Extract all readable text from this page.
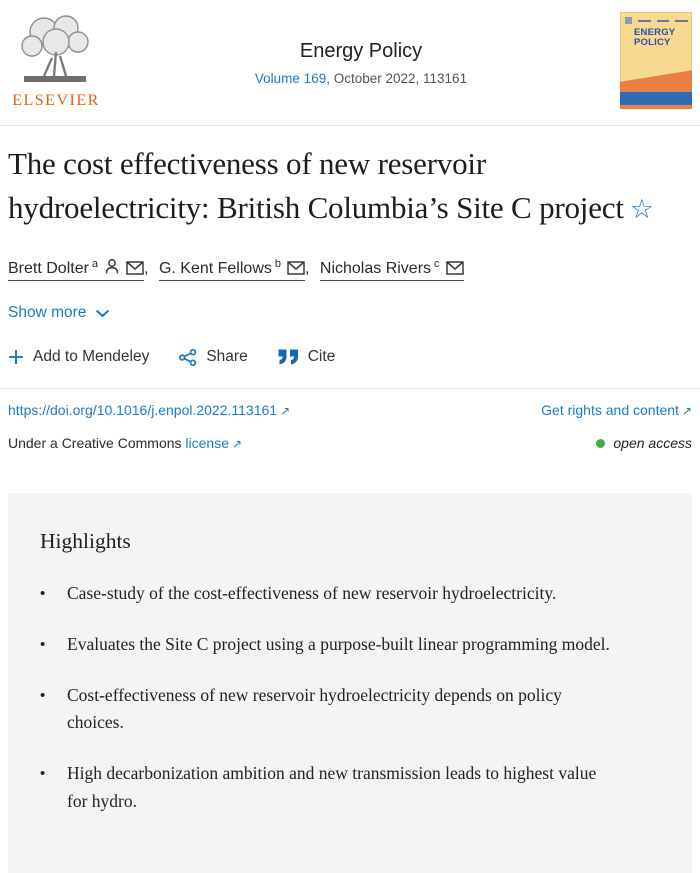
ELSEVIER
Energy Policy
Volume 169, October 2022, 113161
ENERGY
POLICY
The cost effectiveness of new reservoir hydroelectricity: British Columbia’s Site C project ☆
Brett Dolter $^a$	, G. Kent Fellows $^b$ , Nicholas Rivers $^c$
Show more
Add to Mendeley	Share	Cite
https://doi.org/10.1016/j.enpol.2022.113161 ↗	Get rights and content ↗
Under a Creative Commons license ↗	open access
Highlights
•	Case-study of the cost-effectiveness of new reservoir hydroelectricity.
•	Evaluates the Site C project using a purpose-built linear programming model.
•	Cost-effectiveness of new reservoir hydroelectricity depends on policy choices.
•	High decarbonization ambition and new transmission leads to highest value for hydro.
